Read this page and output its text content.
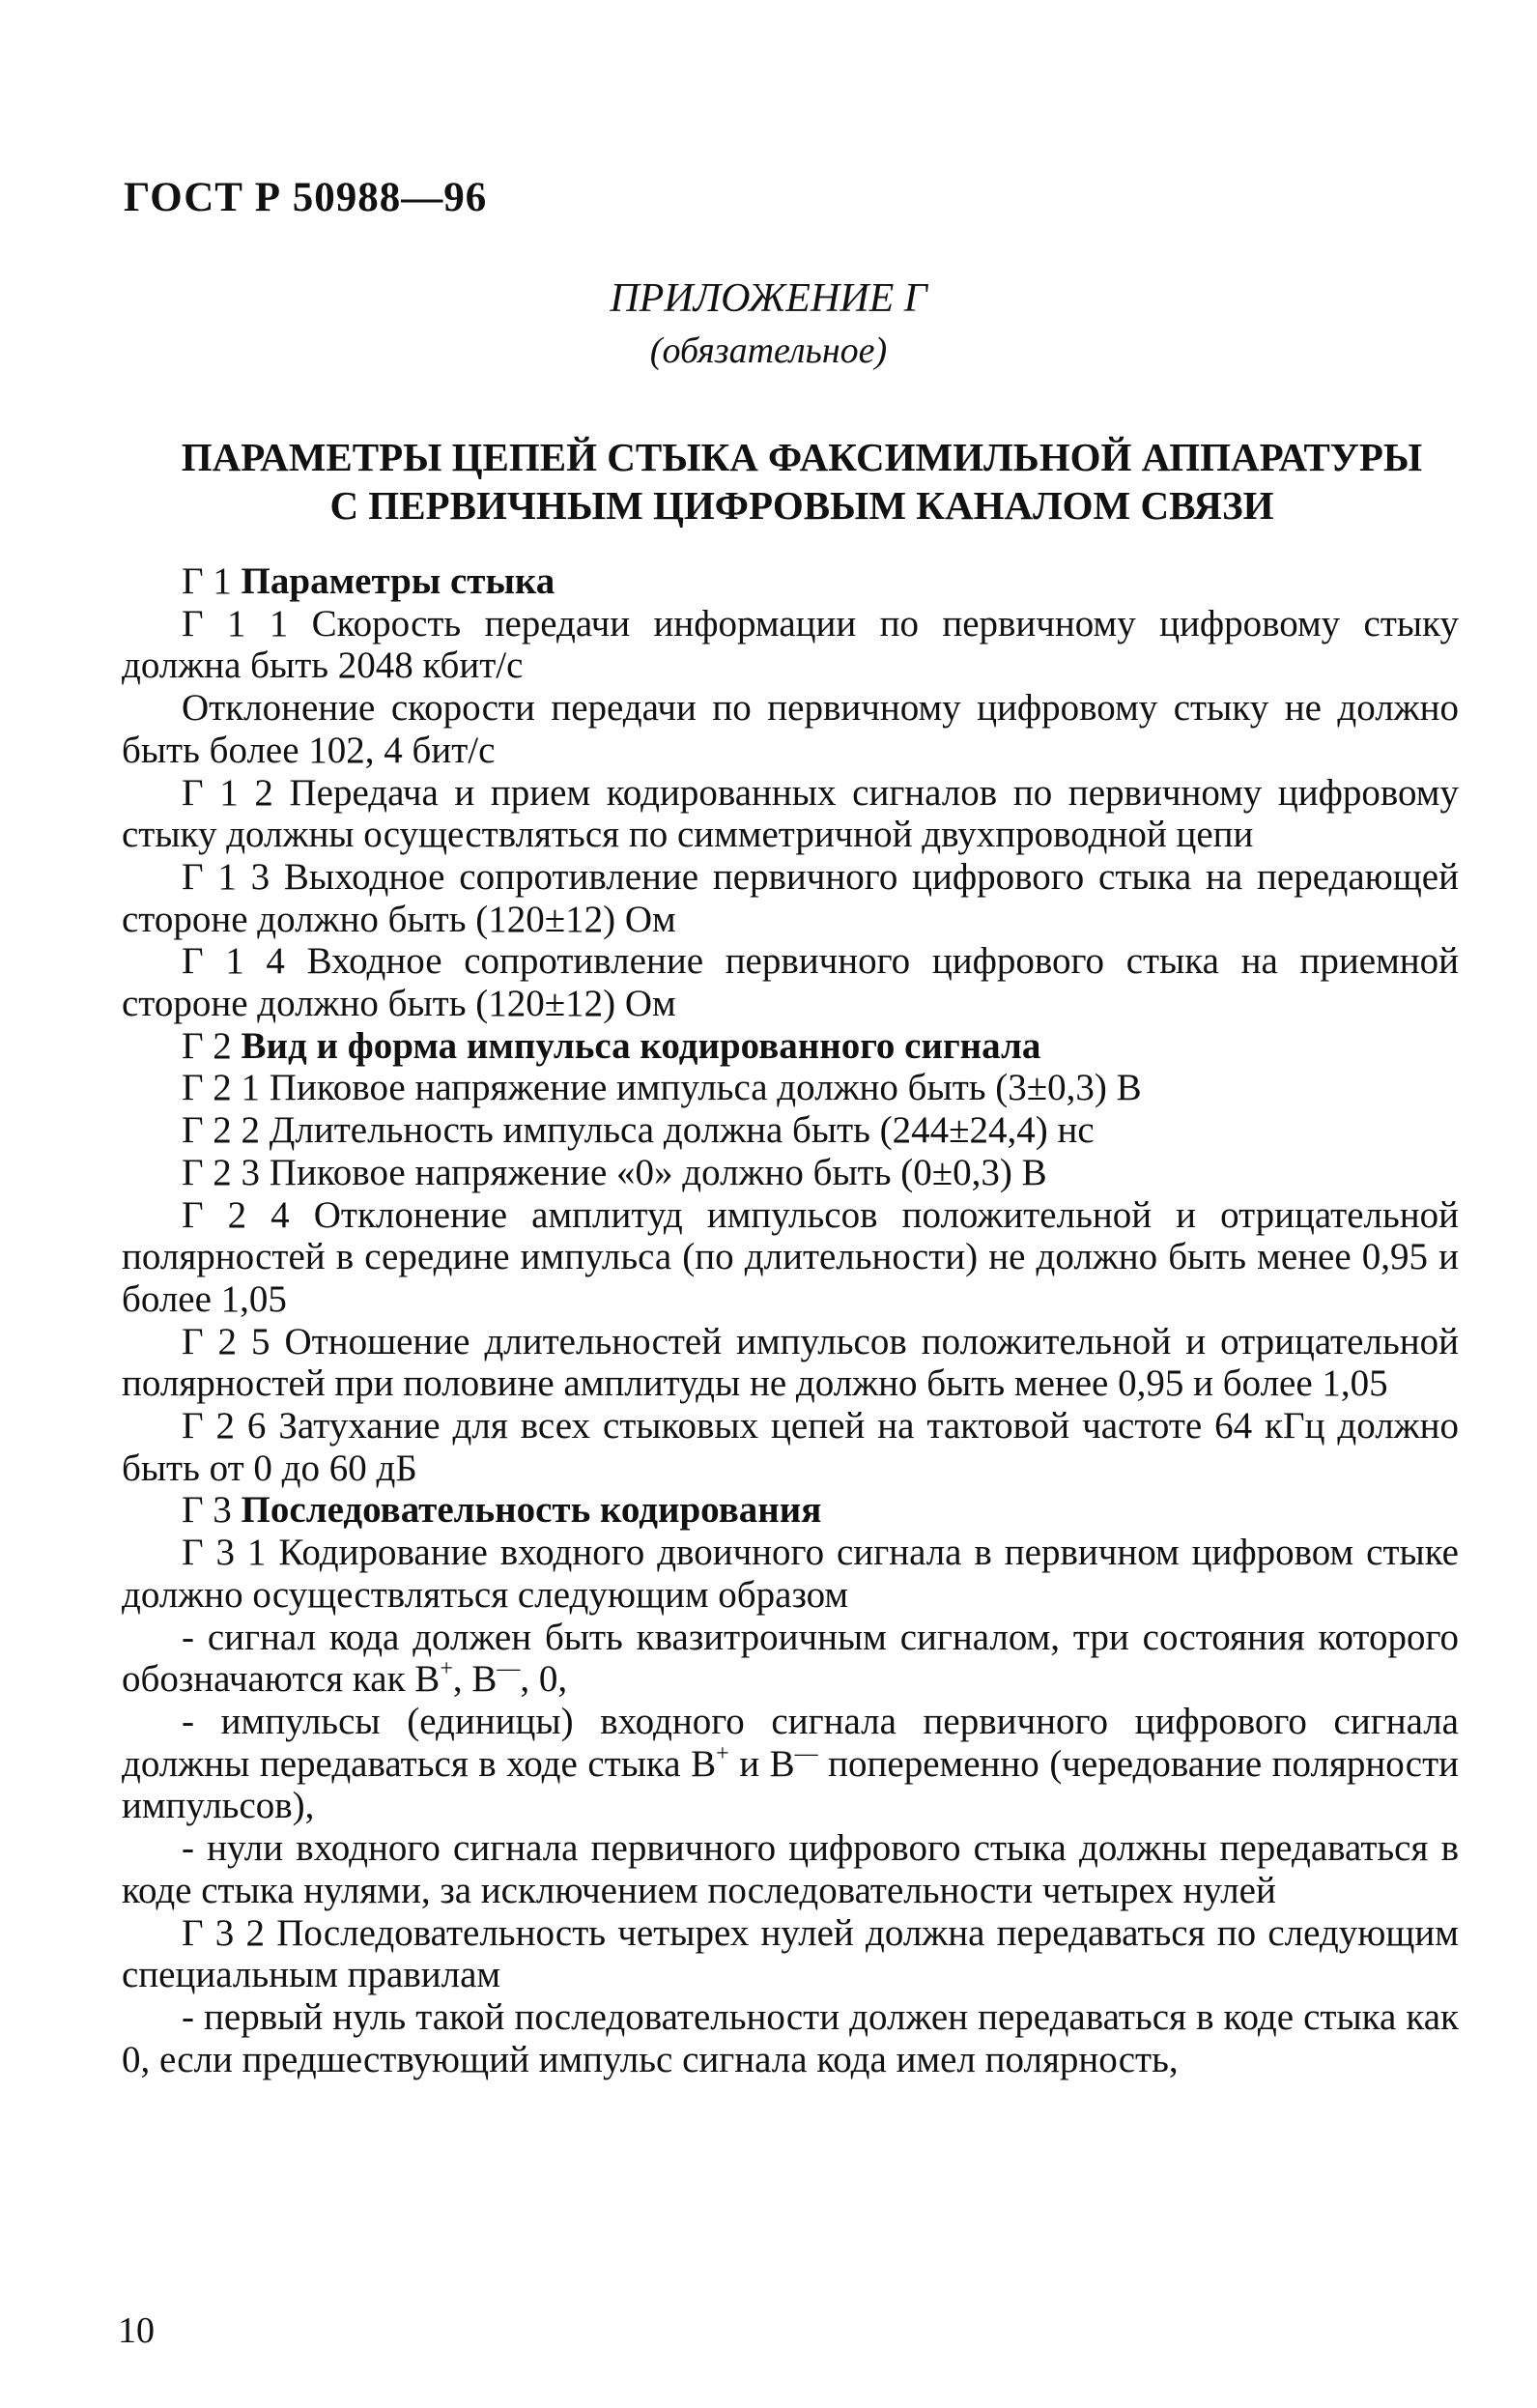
ГОСТ Р 50988—96
ПРИЛОЖЕНИЕ Г
(обязательное)
ПАРАМЕТРЫ ЦЕПЕЙ СТЫКА ФАКСИМИЛЬНОЙ АППАРАТУРЫ
С ПЕРВИЧНЫМ ЦИФРОВЫМ КАНАЛОМ СВЯЗИ

Г 1 Параметры стыка

Г 1 1 Скорость передачи информации по первичному цифровому стыку должна быть 2048 кбит/с

Отклонение скорости передачи по первичному цифровому стыку не должно быть более 102, 4 бит/с

Г 1 2 Передача и прием кодированных сигналов по первичному цифровому стыку должны осуществляться по симметричной двухпроводной цепи

Г 1 3 Выходное сопротивление первичного цифрового стыка на передающей стороне должно быть (120±12) Ом

Г 1 4 Входное сопротивление первичного цифрового стыка на приемной стороне должно быть (120±12) Ом

Г 2 Вид и форма импульса кодированного сигнала

Г 2 1 Пиковое напряжение импульса должно быть (3±0,3) В

Г 2 2 Длительность импульса должна быть (244±24,4) нс

Г 2 3 Пиковое напряжение «0» должно быть (0±0,3) В

Г 2 4 Отклонение амплитуд импульсов положительной и отрицательной полярностей в середине импульса (по длительности) не должно быть менее 0,95 и более 1,05

Г 2 5 Отношение длительностей импульсов положительной и отрицательной полярностей при половине амплитуды не должно быть менее 0,95 и более 1,05

Г 2 6 Затухание для всех стыковых цепей на тактовой частоте 64 кГц должно быть от 0 до 60 дБ

Г 3 Последовательность кодирования

Г 3 1 Кодирование входного двоичного сигнала в первичном цифровом стыке должно осуществляться следующим образом

- сигнал кода должен быть квазитроичным сигналом, три состояния которого обозначаются как В+, В—, 0,

- импульсы (единицы) входного сигнала первичного цифрового сигнала должны передаваться в ходе стыка В+ и В— попеременно (чередование полярности импульсов),

- нули входного сигнала первичного цифрового стыка должны передаваться в коде стыка нулями, за исключением последовательности четырех нулей

Г 3 2 Последовательность четырех нулей должна передаваться по следующим специальным правилам

- первый нуль такой последовательности должен передаваться в коде стыка как 0, если предшествующий импульс сигнала кода имел полярность,

10
